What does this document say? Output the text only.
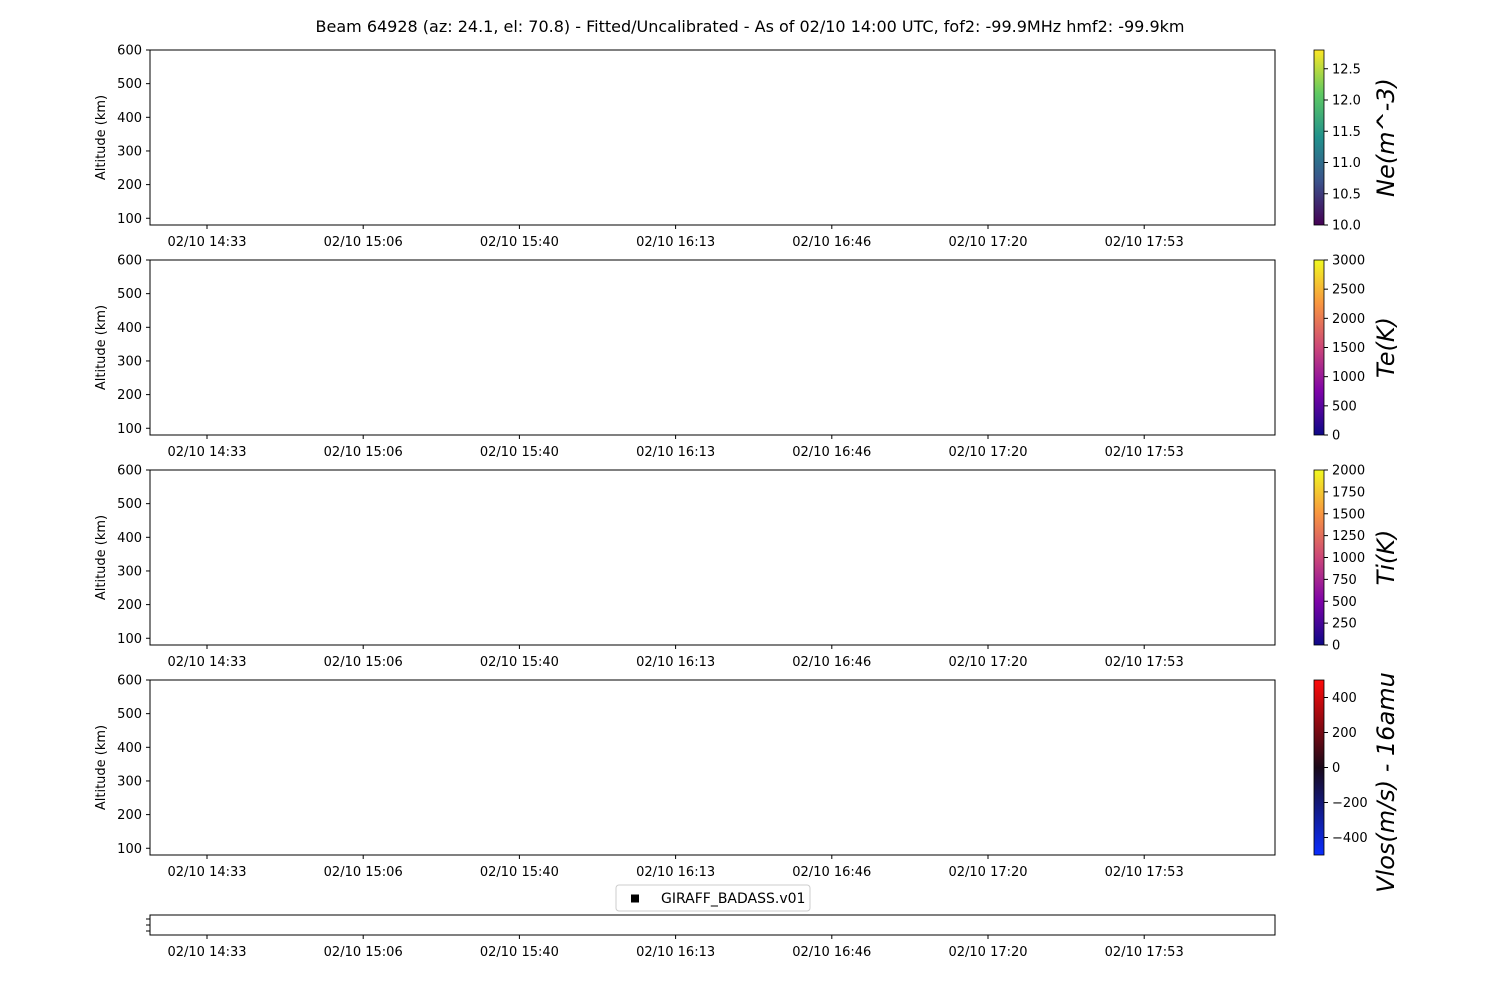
Beam 64928 (az: 24.1, el: 70.8) - Fitted/Uncalibrated - As of 02/10 14:00 UTC, fof2: -99.9MHz hmf2: -99.9km
100
200
300
400
500
600
Altitude (km)
02/10 14:33	02/10 15:06	02/10 15:40	02/10 16:13	02/10 16:46	02/10 17:20	02/10 17:53
10.0
10.5
11.0
11.5
12.0
12.5
Ne(m^-3)
100
200
300
400
500
600
Altitude (km)
02/10 14:33	02/10 15:06	02/10 15:40	02/10 16:13	02/10 16:46	02/10 17:20	02/10 17:53
0
500
1000
1500
2000
2500
3000
Te(K)
100
200
300
400
500
600
Altitude (km)
02/10 14:33	02/10 15:06	02/10 15:40	02/10 16:13	02/10 16:46	02/10 17:20	02/10 17:53
0
250
500
750
1000
1250
1500
1750
2000
Ti(K)
100
200
300
400
500
600
Altitude (km)
02/10 14:33	02/10 15:06	02/10 15:40	02/10 16:13	02/10 16:46	02/10 17:20	02/10 17:53
400
200
0
−200
−400 Vlos(m/s) - 16amu
02/10 14:33	02/10 15:06	02/10 15:40	02/10 16:13	02/10 16:46	02/10 17:20	02/10 17:53
GIRAFF_BADASS.v01
